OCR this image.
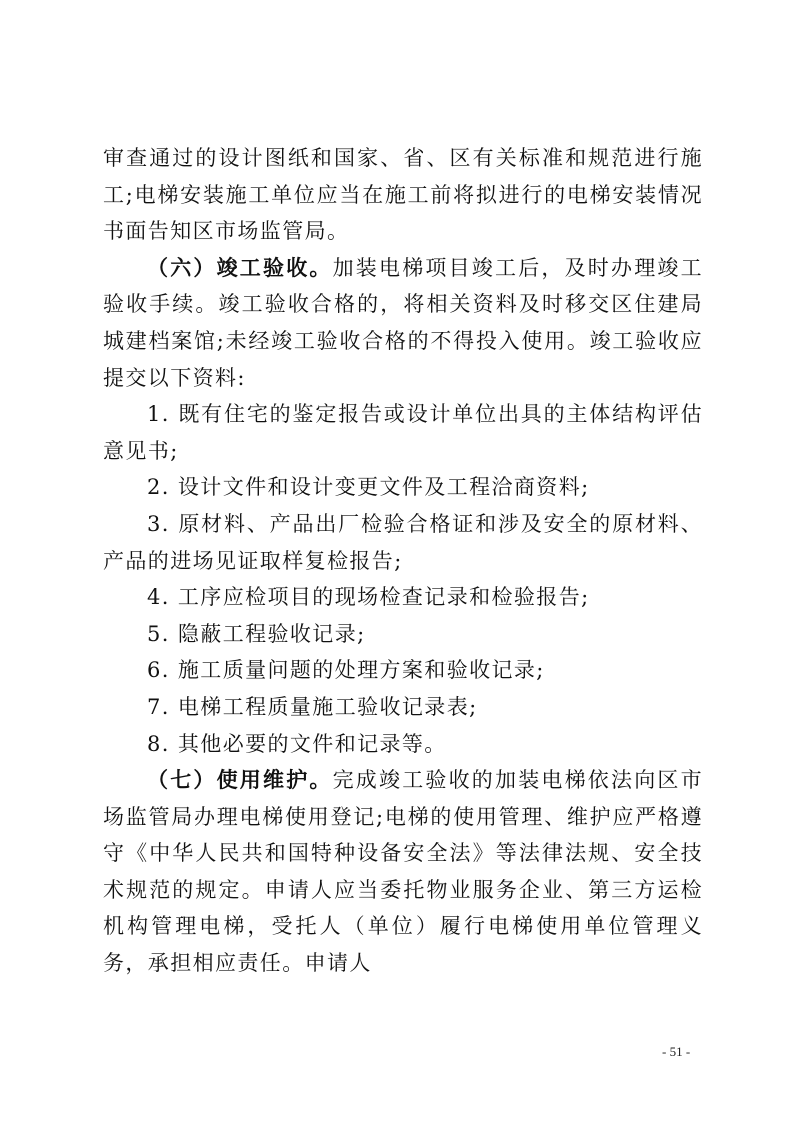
审查通过的设计图纸和国家、省、区有关标准和规范进行施工;电梯安装施工单位应当在施工前将拟进行的电梯安装情况书面告知区市场监管局。

（六）竣工验收。加装电梯项目竣工后，及时办理竣工验收手续。竣工验收合格的，将相关资料及时移交区住建局城建档案馆;未经竣工验收合格的不得投入使用。竣工验收应提交以下资料:

1. 既有住宅的鉴定报告或设计单位出具的主体结构评估意见书;

2. 设计文件和设计变更文件及工程洽商资料;

3. 原材料、产品出厂检验合格证和涉及安全的原材料、产品的进场见证取样复检报告;

4. 工序应检项目的现场检查记录和检验报告;

5. 隐蔽工程验收记录;

6. 施工质量问题的处理方案和验收记录;

7. 电梯工程质量施工验收记录表;

8. 其他必要的文件和记录等。

（七）使用维护。完成竣工验收的加装电梯依法向区市场监管局办理电梯使用登记;电梯的使用管理、维护应严格遵守《中华人民共和国特种设备安全法》等法律法规、安全技术规范的规定。申请人应当委托物业服务企业、第三方运检机构管理电梯，受托人（单位）履行电梯使用单位管理义务，承担相应责任。申请人

- 51 -
